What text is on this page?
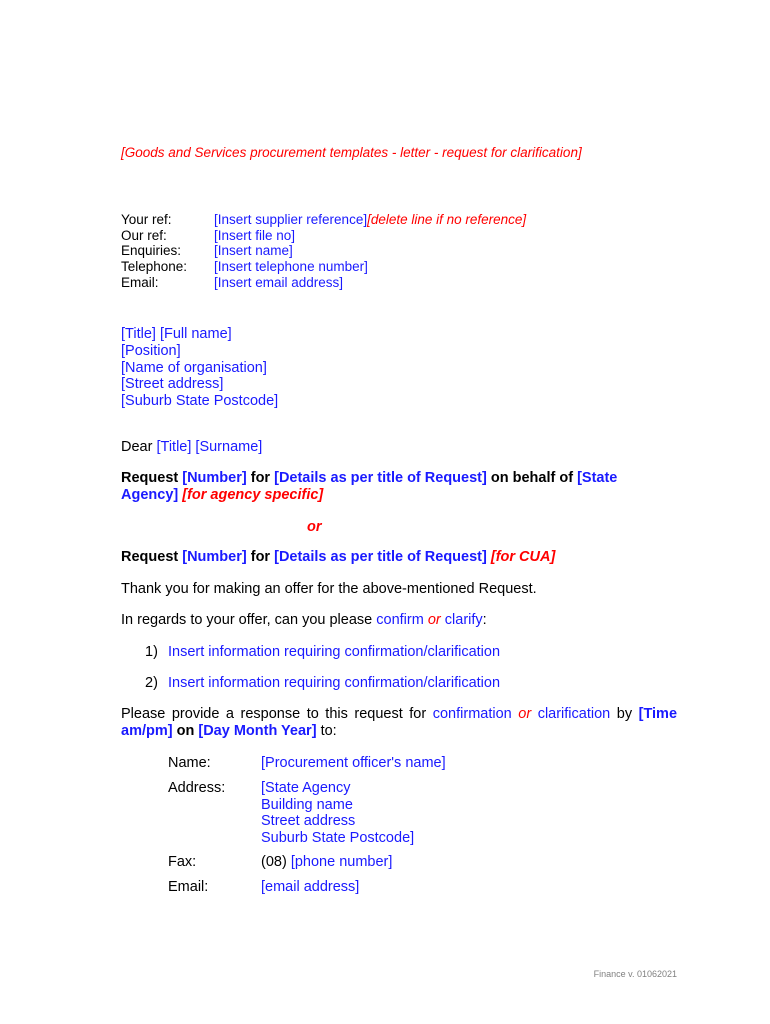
[Goods and Services procurement templates - letter - request for clarification]
Your ref:	[Insert supplier reference] [delete line if no reference]
Our ref:	[Insert file no]
Enquiries:	[Insert name]
Telephone:	[Insert telephone number]
Email:	[Insert email address]
[Title] [Full name]
[Position]
[Name of organisation]
[Street address]
[Suburb State Postcode]
Dear [Title] [Surname]
Request [Number] for [Details as per title of Request] on behalf of [State Agency] [for agency specific]
or
Request [Number] for [Details as per title of Request] [for CUA]
Thank you for making an offer for the above-mentioned Request.
In regards to your offer, can you please confirm or clarify:
1) Insert information requiring confirmation/clarification
2) Insert information requiring confirmation/clarification
Please provide a response to this request for confirmation or clarification by [Time am/pm] on [Day Month Year] to:
Name:	[Procurement officer's name]
Address:	[State Agency
Building name
Street address
Suburb State Postcode]
Fax:	(08) [phone number]
Email:	[email address]
Finance v. 01062021
